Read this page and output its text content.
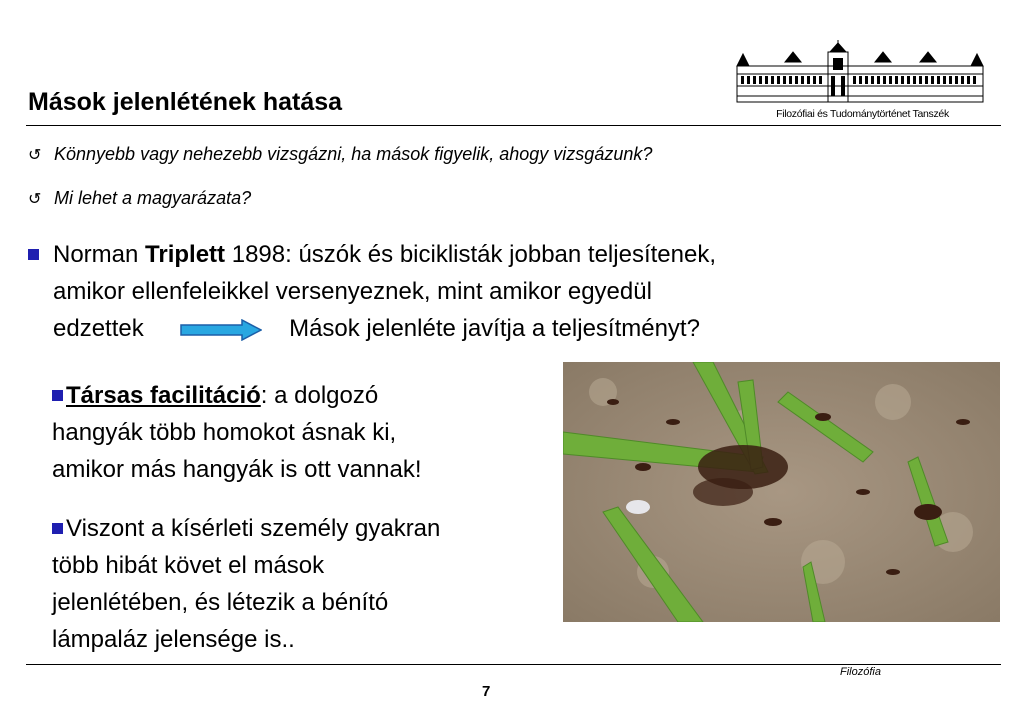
Mások jelenlétének hatása	Filozófiai és Tudománytörténet Tanszék
↺ Könnyebb vagy nehezebb vizsgázni, ha mások figyelik, ahogy vizsgázunk?
↺ Mi lehet a magyarázata?
Norman Triplett 1898: úszók és biciklisták jobban teljesítenek,
amikor ellenfeleikkel versenyeznek, mint amikor egyedül
edzettek	Mások jelenléte javítja a teljesítményt?
Társas facilitáció: a dolgozó
hangyák több homokot ásnak ki,
amikor más hangyák is ott vannak!
Viszont a kísérleti személy gyakran
több hibát követ el mások
jelenlétében, és létezik a bénító
lámpaláz jelensége is..
Filozófia
7
